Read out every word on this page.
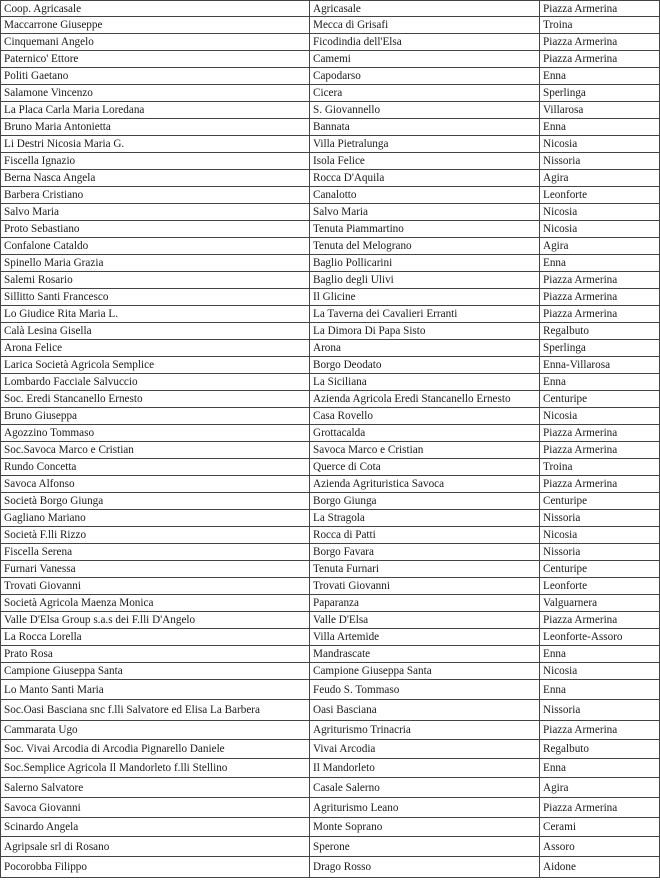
Coop. Agricasale	Agricasale	Piazza Armerina
Maccarrone Giuseppe	Mecca di Grisafi	Troina
Cinquemani Angelo	Ficodindia dell'Elsa	Piazza Armerina
Paternico' Ettore	Camemi	Piazza Armerina
Politi Gaetano	Capodarso	Enna
Salamone Vincenzo	Cicera	Sperlinga
La Placa Carla Maria Loredana	S. Giovannello	Villarosa
Bruno Maria Antonietta	Bannata	Enna
Li Destri Nicosia Maria G.	Villa Pietralunga	Nicosia
Fiscella Ignazio	Isola Felice	Nissoria
Berna Nasca Angela	Rocca D'Aquila	Agira
Barbera Cristiano	Canalotto	Leonforte
Salvo Maria	Salvo Maria	Nicosia
Proto Sebastiano	Tenuta Piammartino	Nicosia
Confalone Cataldo	Tenuta del Melograno	Agira
Spinello Maria Grazia	Baglio Pollicarini	Enna
Salemi Rosario	Baglio degli Ulivi	Piazza Armerina
Sillitto Santi Francesco	Il Glicine	Piazza Armerina
Lo Giudice Rita Maria L.	La Taverna dei Cavalieri Erranti	Piazza Armerina
Calà Lesina Gisella	La Dimora Di Papa Sisto	Regalbuto
Arona Felice	Arona	Sperlinga
Larica Società Agricola Semplice	Borgo Deodato	Enna-Villarosa
Lombardo Facciale Salvuccio	La Siciliana	Enna
Soc. Eredi Stancanello Ernesto	Azienda Agricola Eredi Stancanello Ernesto	Centuripe
Bruno Giuseppa	Casa Rovello	Nicosia
Agozzino Tommaso	Grottacalda	Piazza Armerina
Soc.Savoca Marco e Cristian	Savoca Marco e Cristian	Piazza Armerina
Rundo Concetta	Querce di Cota	Troina
Savoca Alfonso	Azienda Agrituristica Savoca	Piazza Armerina
Società Borgo Giunga	Borgo Giunga	Centuripe
Gagliano Mariano	La Stragola	Nissoria
Società F.lli Rizzo	Rocca di Patti	Nicosia
Fiscella Serena	Borgo Favara	Nissoria
Furnari Vanessa	Tenuta Furnari	Centuripe
Trovati Giovanni	Trovati Giovanni	Leonforte
Società Agricola Maenza Monica	Paparanza	Valguarnera
Valle D'Elsa Group s.a.s dei F.lli D'Angelo	Valle D'Elsa	Piazza Armerina
La Rocca Lorella	Villa Artemide	Leonforte-Assoro
Prato Rosa	Mandrascate	Enna
Campione Giuseppa Santa	Campione Giuseppa Santa	Nicosia
Lo Manto Santi Maria	Feudo S. Tommaso	Enna
Soc.Oasi Basciana snc f.lli Salvatore ed Elisa La Barbera	Oasi Basciana	Nissoria
Cammarata Ugo	Agriturismo Trinacria	Piazza Armerina
Soc. Vivai Arcodia di Arcodia Pignarello Daniele	Vivai Arcodia	Regalbuto
Soc.Semplice Agricola Il Mandorleto f.lli Stellino	Il Mandorleto	Enna
Salerno Salvatore	Casale Salerno	Agira
Savoca Giovanni	Agriturismo Leano	Piazza Armerina
Scinardo Angela	Monte Soprano	Cerami
Agripsale srl di Rosano	Sperone	Assoro
Pocorobba Filippo	Drago Rosso	Aidone
